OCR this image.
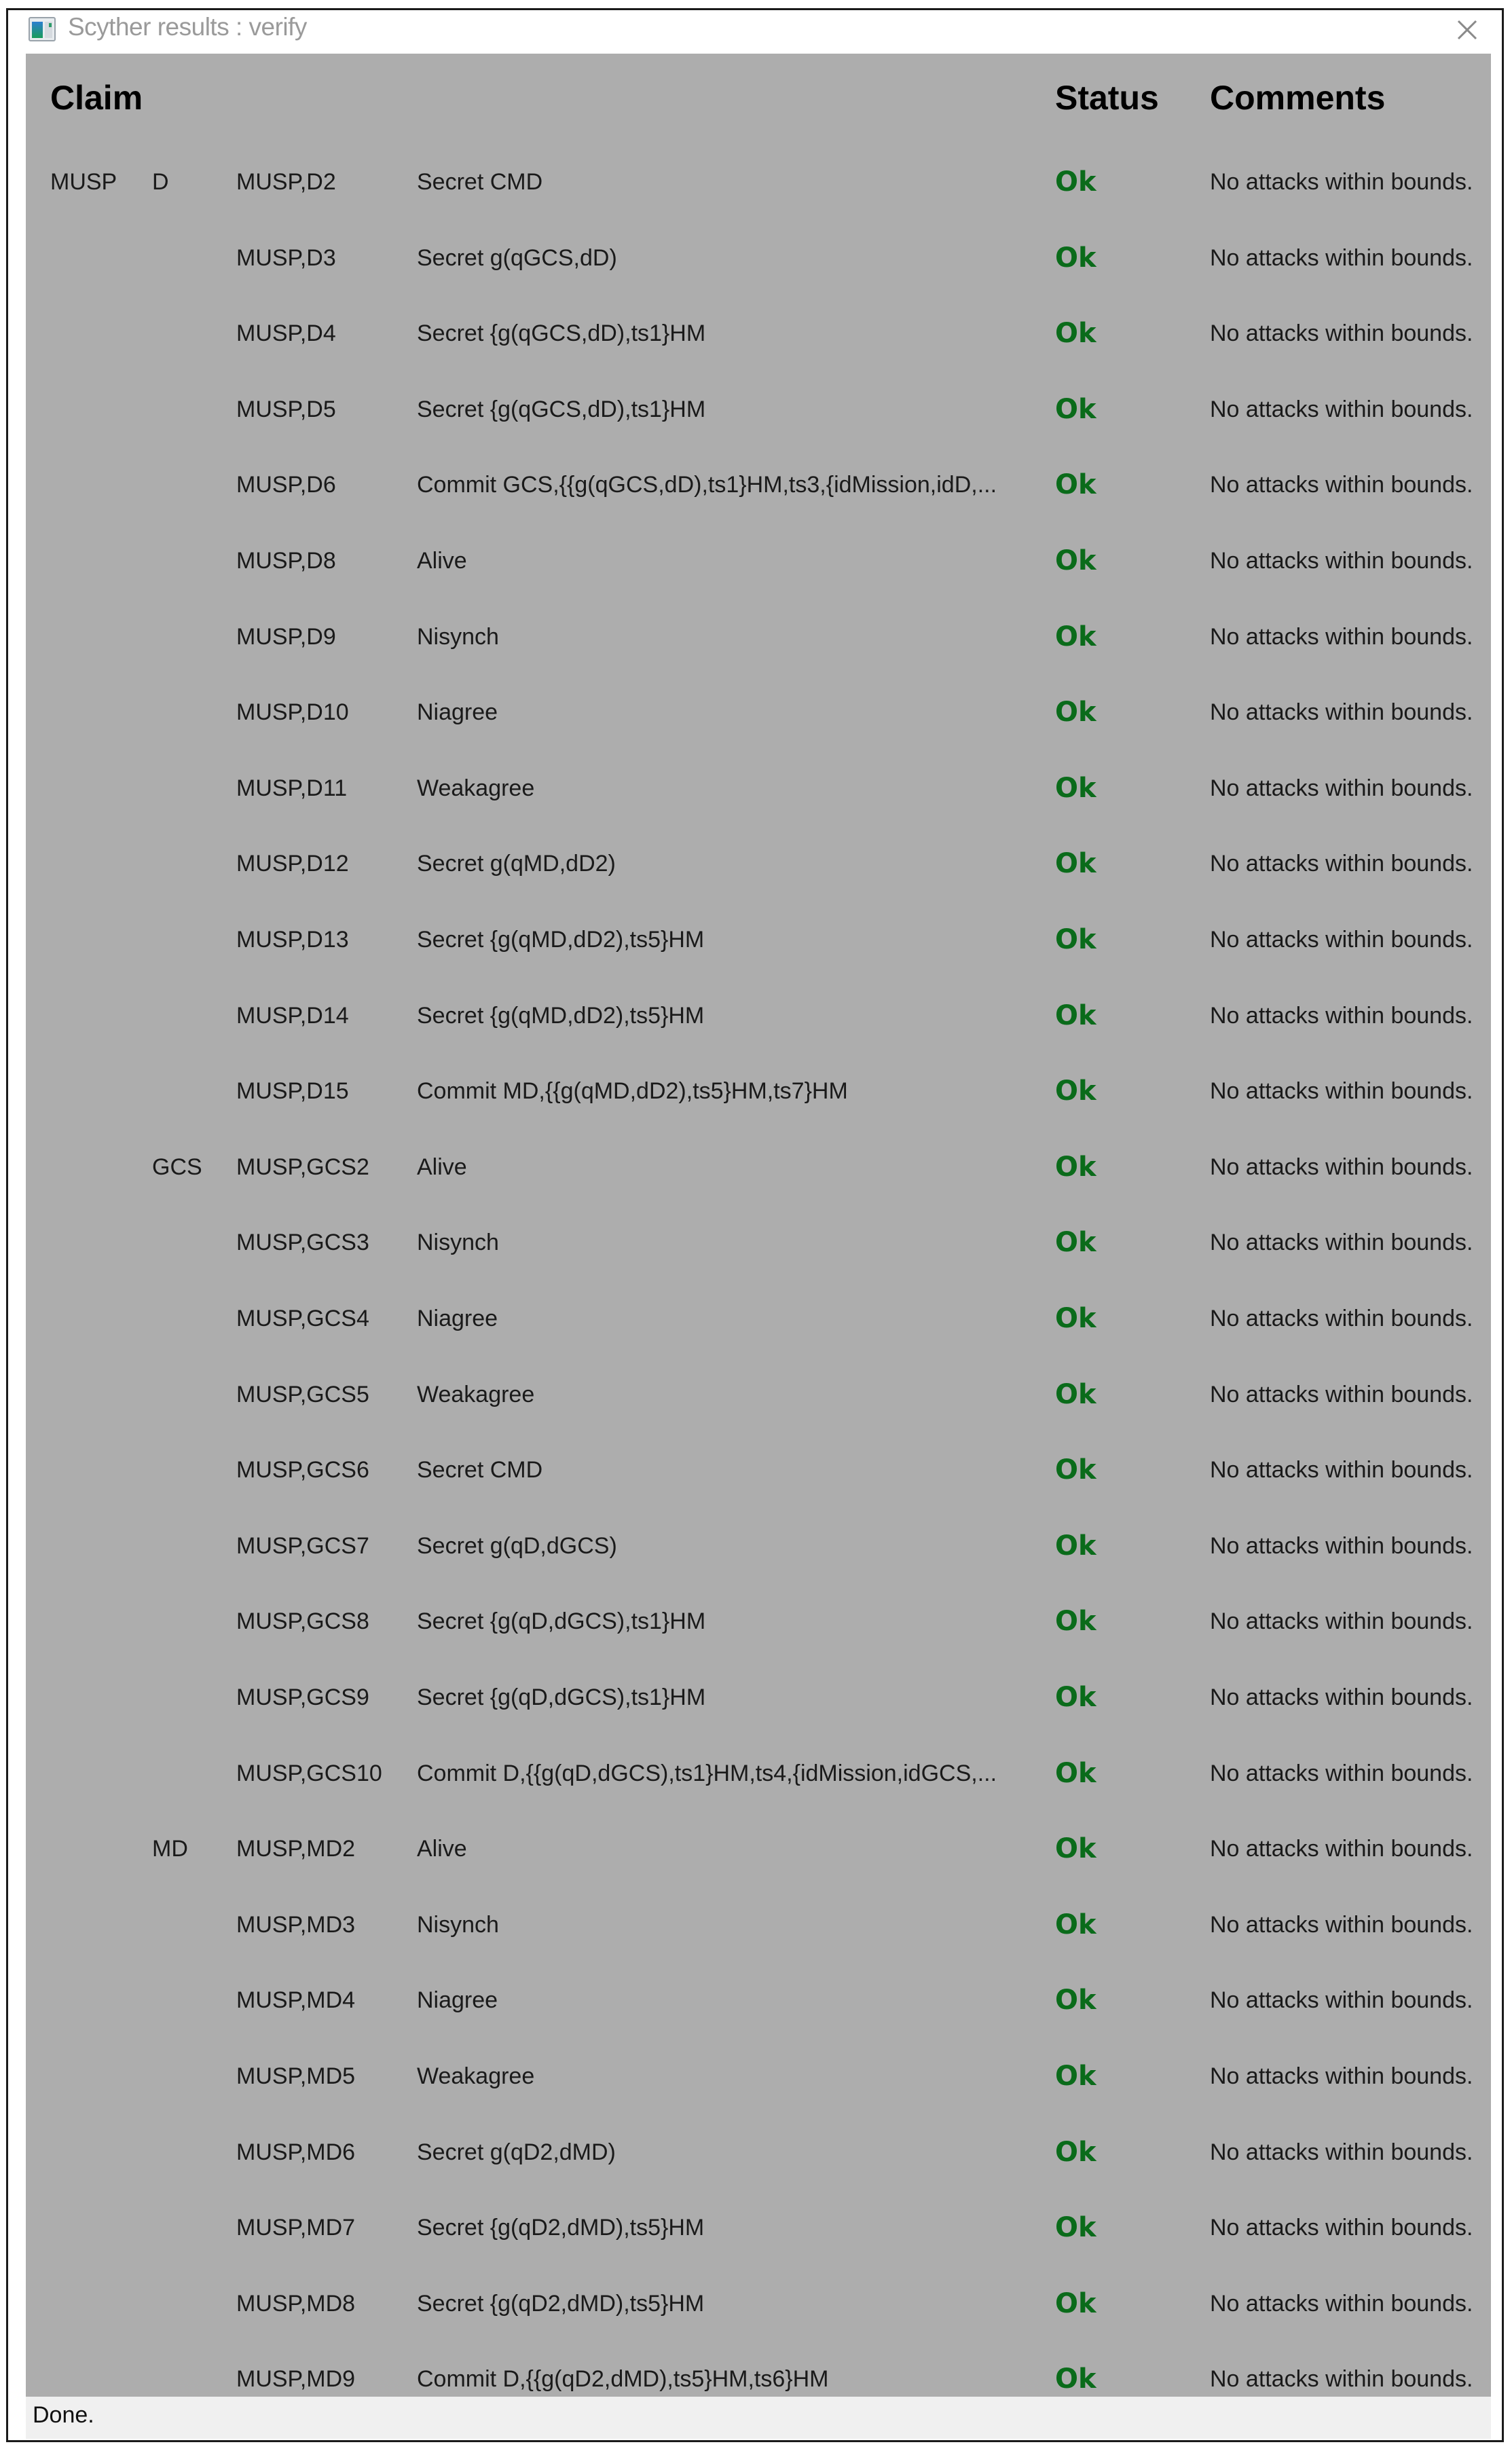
Scyther results : verify
Claim	Status Comments
MUSP D	MUSP,D2	Secret CMD	Ok	No attacks within bounds.
MUSP,D3	Secret g(qGCS,dD)	Ok	No attacks within bounds.
MUSP,D4	Secret {g(qGCS,dD),ts1}HM	Ok	No attacks within bounds.
MUSP,D5	Secret {g(qGCS,dD),ts1}HM	Ok	No attacks within bounds.
MUSP,D6	Commit GCS,{{g(qGCS,dD),ts1}HM,ts3,{idMission,idD,... Ok	No attacks within bounds.
MUSP,D8	Alive	Ok	No attacks within bounds.
MUSP,D9	Nisynch	Ok	No attacks within bounds.
MUSP,D10	Niagree	Ok	No attacks within bounds.
MUSP,D11	Weakagree	Ok	No attacks within bounds.
MUSP,D12	Secret g(qMD,dD2)	Ok	No attacks within bounds.
MUSP,D13	Secret {g(qMD,dD2),ts5}HM	Ok	No attacks within bounds.
MUSP,D14	Secret {g(qMD,dD2),ts5}HM	Ok	No attacks within bounds.
MUSP,D15	Commit MD,{{g(qMD,dD2),ts5}HM,ts7}HM	Ok	No attacks within bounds.
GCS MUSP,GCS2 Alive	Ok	No attacks within bounds.
MUSP,GCS3 Nisynch	Ok	No attacks within bounds.
MUSP,GCS4 Niagree	Ok	No attacks within bounds.
MUSP,GCS5 Weakagree	Ok	No attacks within bounds.
MUSP,GCS6 Secret CMD	Ok	No attacks within bounds.
MUSP,GCS7 Secret g(qD,dGCS)	Ok	No attacks within bounds.
MUSP,GCS8 Secret {g(qD,dGCS),ts1}HM	Ok	No attacks within bounds.
MUSP,GCS9 Secret {g(qD,dGCS),ts1}HM	Ok	No attacks within bounds.
MUSP,GCS10 Commit D,{{g(qD,dGCS),ts1}HM,ts4,{idMission,idGCS,... Ok	No attacks within bounds.
MD MUSP,MD2	Alive	Ok	No attacks within bounds.
MUSP,MD3	Nisynch	Ok	No attacks within bounds.
MUSP,MD4	Niagree	Ok	No attacks within bounds.
MUSP,MD5	Weakagree	Ok	No attacks within bounds.
MUSP,MD6	Secret g(qD2,dMD)	Ok	No attacks within bounds.
MUSP,MD7	Secret {g(qD2,dMD),ts5}HM	Ok	No attacks within bounds.
MUSP,MD8	Secret {g(qD2,dMD),ts5}HM	Ok	No attacks within bounds.
MUSP,MD9	Commit D,{{g(qD2,dMD),ts5}HM,ts6}HM	Ok	No attacks within bounds.
Done.
